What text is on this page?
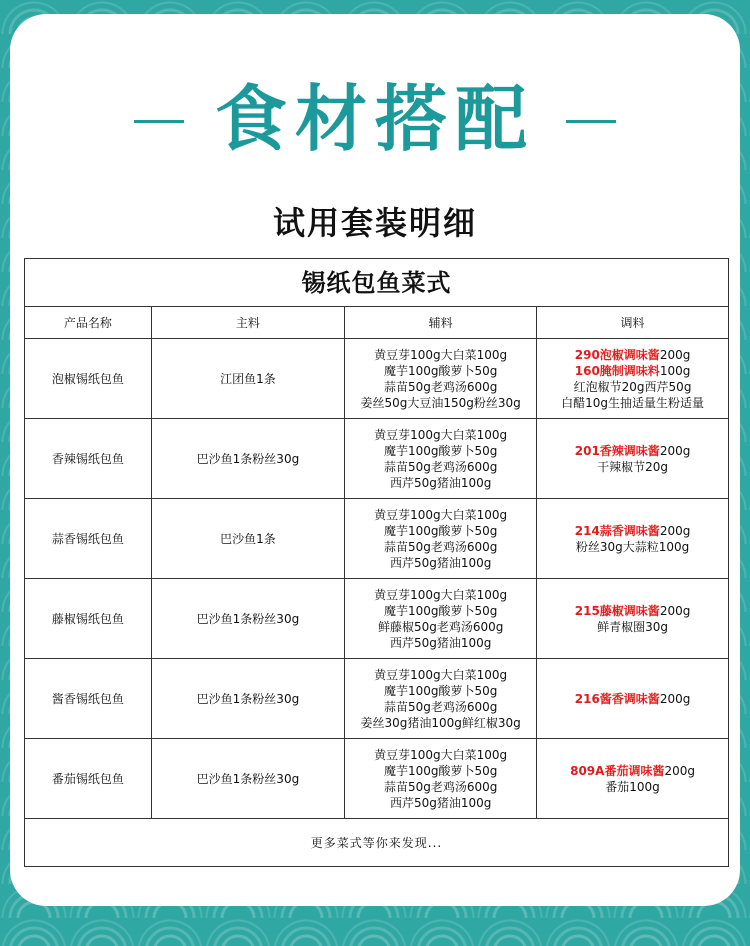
食材搭配
试用套装明细
锡纸包鱼菜式			
产品名称	主料	辅料	调料
泡椒锡纸包鱼	江团鱼1条	黄豆芽100g大白菜100g
魔芋100g酸萝卜50g
蒜苗50g老鸡汤600g
姜丝50g大豆油150g粉丝30g	290泡椒调味酱200g
160腌制调味料100g
红泡椒节20g西芹50g
白醋10g生抽适量生粉适量

香辣锡纸包鱼	巴沙鱼1条粉丝30g	黄豆芽100g大白菜100g
魔芋100g酸萝卜50g
蒜苗50g老鸡汤600g
西芹50g猪油100g	201香辣调味酱200g
干辣椒节20g

蒜香锡纸包鱼	巴沙鱼1条	黄豆芽100g大白菜100g
魔芋100g酸萝卜50g
蒜苗50g老鸡汤600g
西芹50g猪油100g	214蒜香调味酱200g
粉丝30g大蒜粒100g

藤椒锡纸包鱼	巴沙鱼1条粉丝30g	黄豆芽100g大白菜100g
魔芋100g酸萝卜50g
鲜藤椒50g老鸡汤600g
西芹50g猪油100g	215藤椒调味酱200g
鲜青椒圈30g

酱香锡纸包鱼	巴沙鱼1条粉丝30g	黄豆芽100g大白菜100g
魔芋100g酸萝卜50g
蒜苗50g老鸡汤600g
姜丝30g猪油100g鲜红椒30g	216酱香调味酱200g

番茄锡纸包鱼	巴沙鱼1条粉丝30g	黄豆芽100g大白菜100g
魔芋100g酸萝卜50g
蒜苗50g老鸡汤600g
西芹50g猪油100g	809A番茄调味酱200g
番茄100g

更多菜式等你来发现...			
